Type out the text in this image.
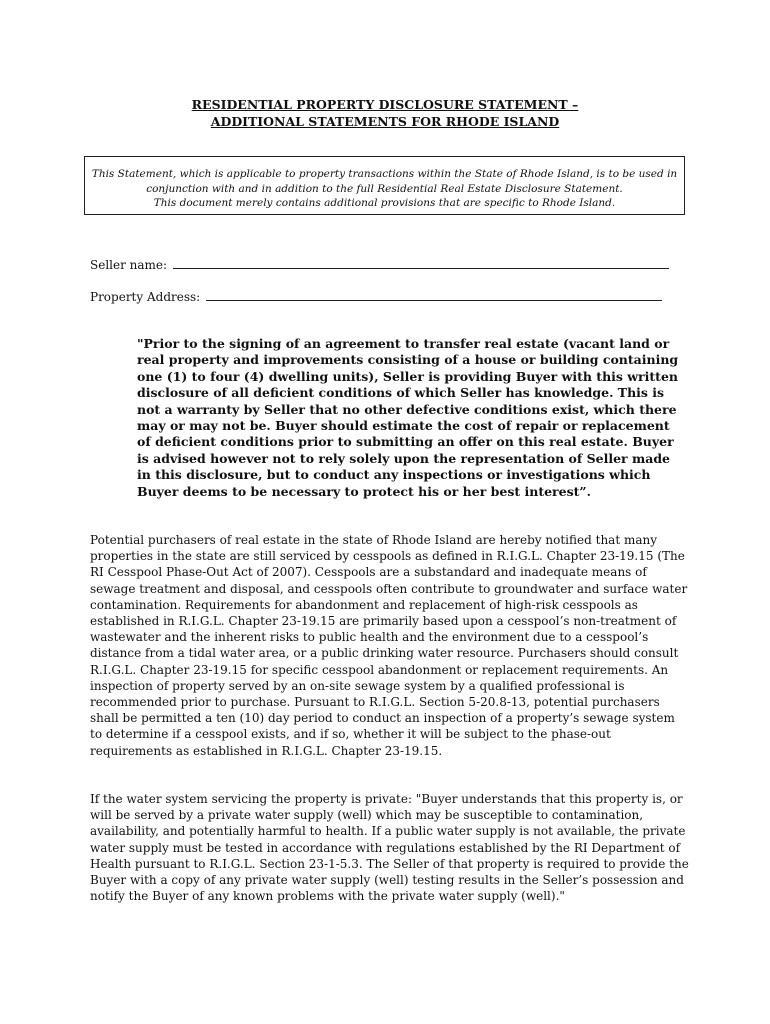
RESIDENTIAL PROPERTY DISCLOSURE STATEMENT –
ADDITIONAL STATEMENTS FOR RHODE ISLAND
This Statement, which is applicable to property transactions within the State of Rhode Island, is to be used in
conjunction with and in addition to the full Residential Real Estate Disclosure Statement.
This document merely contains additional provisions that are specific to Rhode Island.
Seller name:
Property Address:
"Prior to the signing of an agreement to transfer real estate (vacant land or real property and improvements consisting of a house or building containing one (1) to four (4) dwelling units), Seller is providing Buyer with this written disclosure of all deficient conditions of which Seller has knowledge. This is not a warranty by Seller that no other defective conditions exist, which there may or may not be. Buyer should estimate the cost of repair or replacement of deficient conditions prior to submitting an offer on this real estate. Buyer is advised however not to rely solely upon the representation of Seller made in this disclosure, but to conduct any inspections or investigations which Buyer deems to be necessary to protect his or her best interest”.
Potential purchasers of real estate in the state of Rhode Island are hereby notified that many properties in the state are still serviced by cesspools as defined in R.I.G.L. Chapter 23-19.15 (The RI Cesspool Phase-Out Act of 2007). Cesspools are a substandard and inadequate means of sewage treatment and disposal, and cesspools often contribute to groundwater and surface water contamination. Requirements for abandonment and replacement of high-risk cesspools as established in R.I.G.L. Chapter 23-19.15 are primarily based upon a cesspool’s non-treatment of wastewater and the inherent risks to public health and the environment due to a cesspool’s distance from a tidal water area, or a public drinking water resource. Purchasers should consult R.I.G.L. Chapter 23-19.15 for specific cesspool abandonment or replacement requirements. An inspection of property served by an on-site sewage system by a qualified professional is recommended prior to purchase. Pursuant to R.I.G.L. Section 5-20.8-13, potential purchasers shall be permitted a ten (10) day period to conduct an inspection of a property’s sewage system to determine if a cesspool exists, and if so, whether it will be subject to the phase-out requirements as established in R.I.G.L. Chapter 23-19.15.
If the water system servicing the property is private: "Buyer understands that this property is, or will be served by a private water supply (well) which may be susceptible to contamination, availability, and potentially harmful to health. If a public water supply is not available, the private water supply must be tested in accordance with regulations established by the RI Department of Health pursuant to R.I.G.L. Section 23-1-5.3. The Seller of that property is required to provide the Buyer with a copy of any private water supply (well) testing results in the Seller’s possession and notify the Buyer of any known problems with the private water supply (well)."
